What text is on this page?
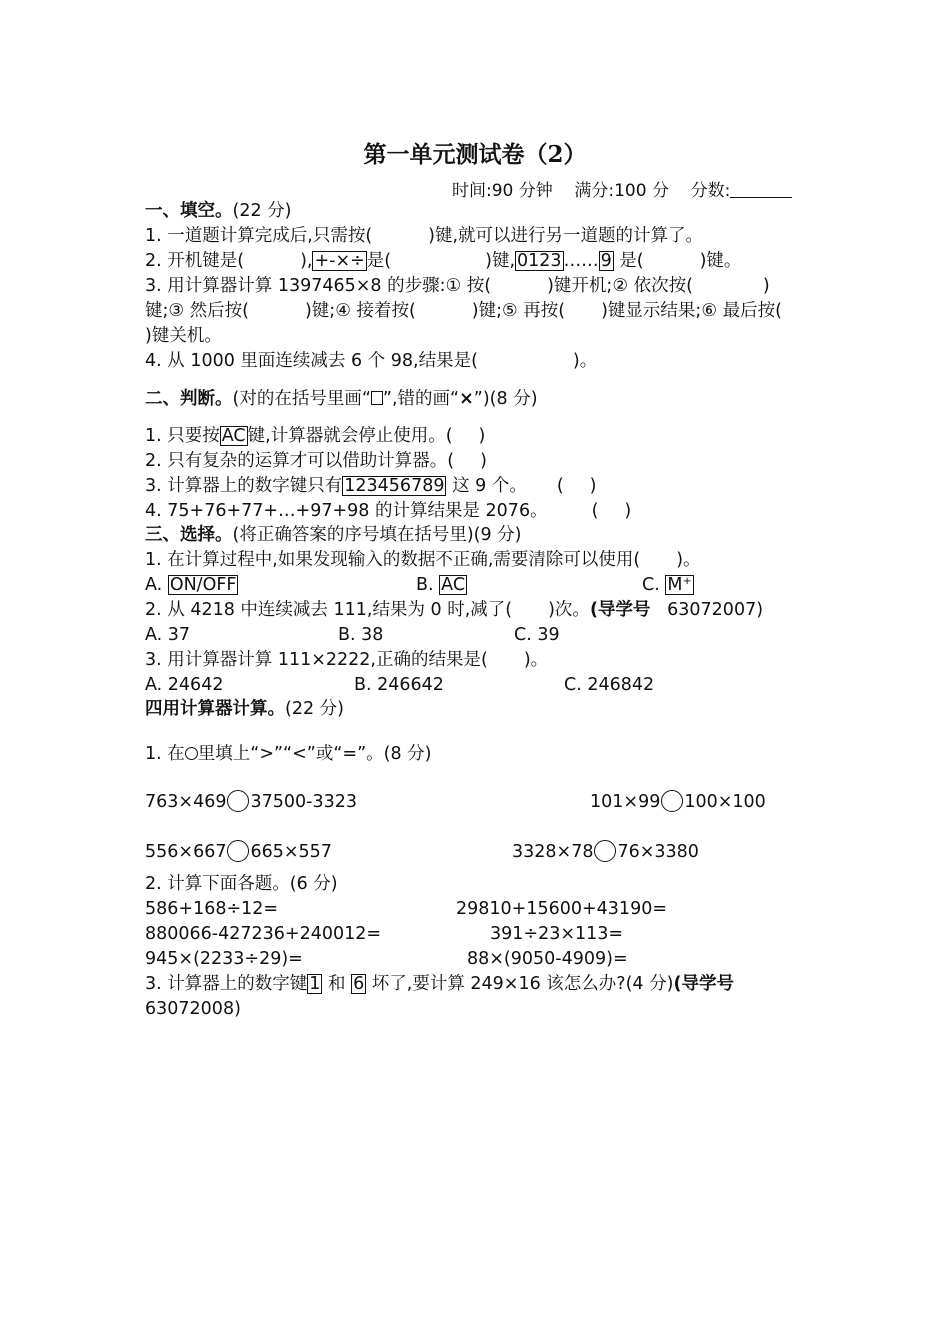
第一单元测试卷（2）
时间:90 分钟 满分:100 分 分数:
一、填空。(22 分)
1. 一道题计算完成后,只需按(	)键,就可以进行另一道题的计算了。
2. 开机键是(	), +-×÷ 是(	)键, 0123 …… 9 是(	)键。
3. 用计算器计算 1397465×8 的步骤:① 按(	)键开机;② 依次按(	)
键;③ 然后按(	)键;④ 接着按(	)键;⑤ 再按( )键显示结果;⑥ 最后按(
)键关机。
4. 从 1000 里面连续减去 6 个 98,结果是(	)。
二、判断。(对的在括号里画“ ”,错的画“×”)(8 分)
1. 只要按 AC 键,计算器就会停止使用。( )
2. 只有复杂的运算才可以借助计算器。( )
3. 计算器上的数字键只有 123456789 这 9 个。 ( )
4. 75+76+77+…+97+98 的计算结果是 2076。	( )
三、选择。(将正确答案的序号填在括号里)(9 分)
1. 在计算过程中,如果发现输入的数据不正确,需要清除可以使用( )。
A. ON/OFF	B. AC	C. M⁺
2. 从 4218 中连续减去 111,结果为 0 时,减了( )次。(导学号 63072007)
A. 37	B. 38	C. 39
3. 用计算器计算 111×2222,正确的结果是( )。
A. 24642	B. 246642	C. 246842
四用计算器计算。(22 分)
1. 在 里填上“>”“<”或“=”。(8 分)
763×469 37500-3323	101×99 100×100
556×667 665×557	3328×78 76×3380
2. 计算下面各题。(6 分)
586+168÷12=	29810+15600+43190=
880066-427236+240012=	391÷23×113=
945×(2233÷29)=	88×(9050-4909)=
3. 计算器上的数字键 1 和 6 坏了,要计算 249×16 该怎么办?(4 分)(导学号
63072008)
